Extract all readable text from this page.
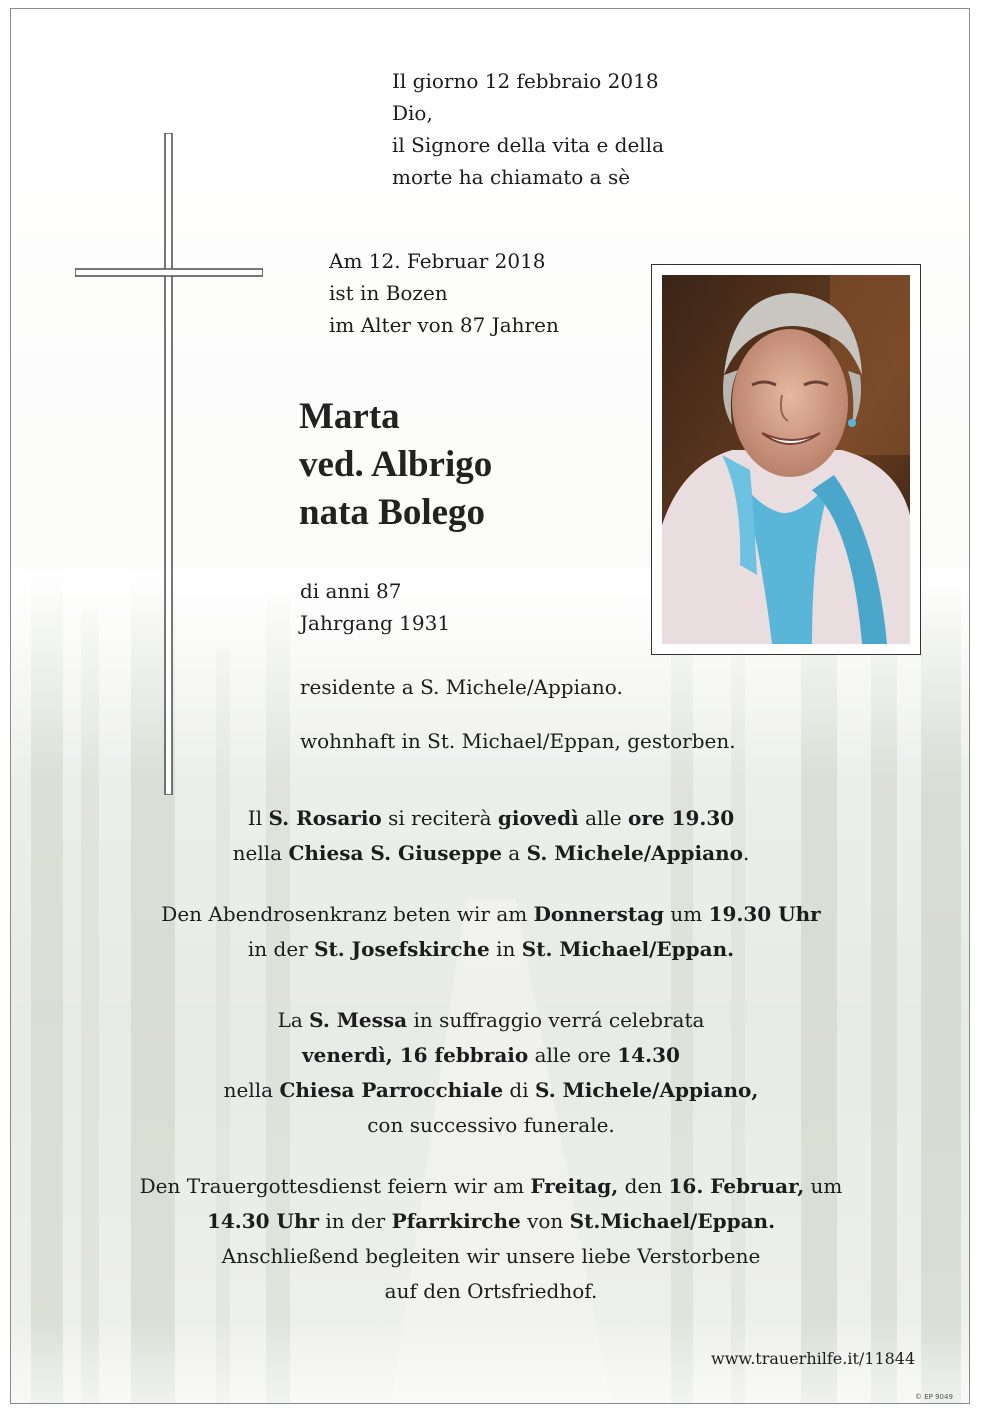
Il giorno 12 febbraio 2018
Dio,
il Signore della vita e della
morte ha chiamato a sè
Am 12. Februar 2018
ist in Bozen
im Alter von 87 Jahren
Marta
ved. Albrigo
nata Bolego
di anni 87
Jahrgang 1931
residente a S. Michele/Appiano.
wohnhaft in St. Michael/Eppan, gestorben.
Il S. Rosario si reciterà giovedì alle ore 19.30
nella Chiesa S. Giuseppe a S. Michele/Appiano.
Den Abendrosenkranz beten wir am Donnerstag um 19.30 Uhr
in der St. Josefskirche in St. Michael/Eppan.
La S. Messa in suffraggio verrá celebrata
venerdì, 16 febbraio alle ore 14.30
nella Chiesa Parrocchiale di S. Michele/Appiano,
con successivo funerale.
Den Trauergottesdienst feiern wir am Freitag, den 16. Februar, um
14.30 Uhr in der Pfarrkirche von St.Michael/Eppan.
Anschließend begleiten wir unsere liebe Verstorbene
auf den Ortsfriedhof.
www.trauerhilfe.it/11844
© EP 9049
